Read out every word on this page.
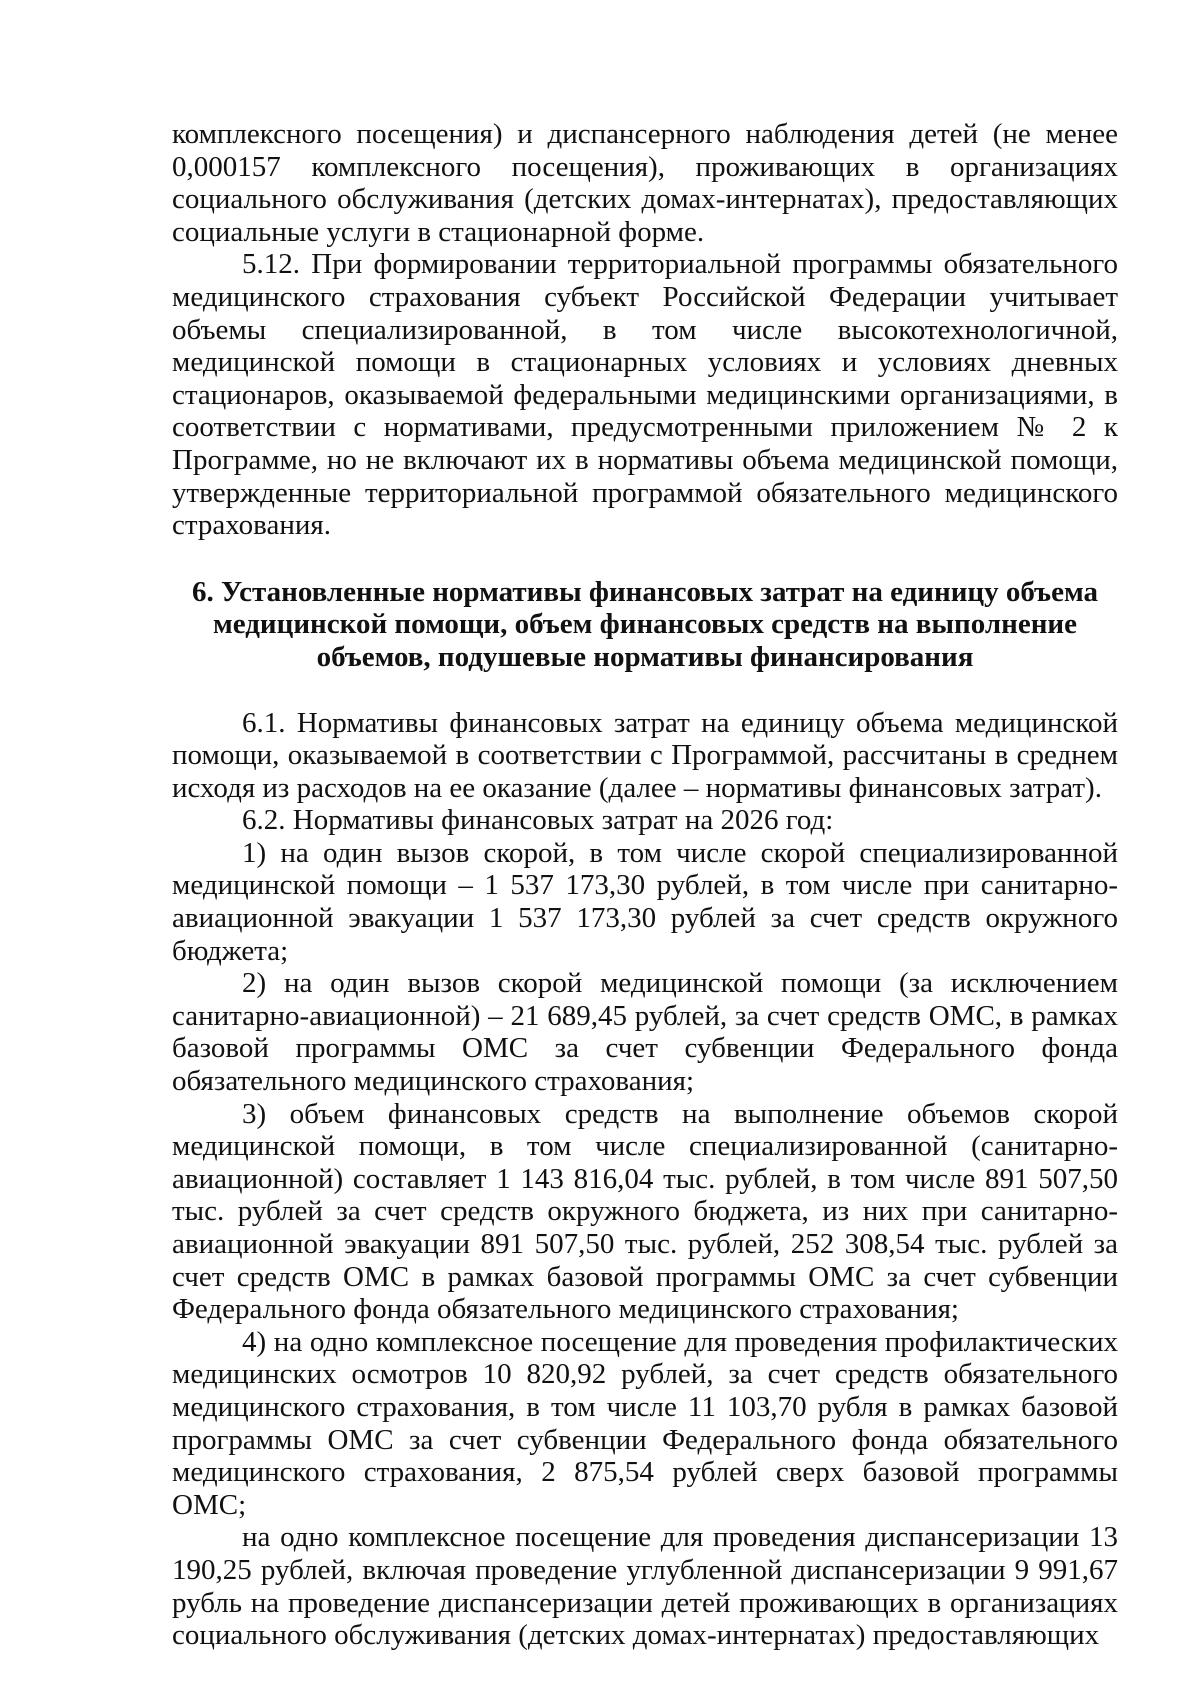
комплексного посещения) и диспансерного наблюдения детей (не менее 0,000157 комплексного посещения), проживающих в организациях социального обслуживания (детских домах-интернатах), предоставляющих социальные услуги в стационарной форме.

5.12. При формировании территориальной программы обязательного медицинского страхования субъект Российской Федерации учитывает объемы специализированной, в том числе высокотехнологичной, медицинской помощи в стационарных условиях и условиях дневных стационаров, оказываемой федеральными медицинскими организациями, в соответствии с нормативами, предусмотренными приложением № 2 к Программе, но не включают их в нормативы объема медицинской помощи, утвержденные территориальной программой обязательного медицинского страхования.

6. Установленные нормативы финансовых затрат на единицу объема медицинской помощи, объем финансовых средств на выполнение объемов, подушевые нормативы финансирования

6.1. Нормативы финансовых затрат на единицу объема медицинской помощи, оказываемой в соответствии с Программой, рассчитаны в среднем исходя из расходов на ее оказание (далее – нормативы финансовых затрат).

6.2. Нормативы финансовых затрат на 2026 год:

1) на один вызов скорой, в том числе скорой специализированной медицинской помощи – 1 537 173,30 рублей, в том числе при санитарно-авиационной эвакуации 1 537 173,30 рублей за счет средств окружного бюджета;

2) на один вызов скорой медицинской помощи (за исключением санитарно-авиационной) – 21 689,45 рублей, за счет средств ОМС, в рамках базовой программы ОМС за счет субвенции Федерального фонда обязательного медицинского страхования;

3) объем финансовых средств на выполнение объемов скорой медицинской помощи, в том числе специализированной (санитарно-авиационной) составляет 1 143 816,04 тыс. рублей, в том числе 891 507,50 тыс. рублей за счет средств окружного бюджета, из них при санитарно-авиационной эвакуации 891 507,50 тыс. рублей, 252 308,54 тыс. рублей за счет средств ОМС в рамках базовой программы ОМС за счет субвенции Федерального фонда обязательного медицинского страхования;

4) на одно комплексное посещение для проведения профилактических медицинских осмотров 10 820,92 рублей, за счет средств обязательного медицинского страхования, в том числе 11 103,70 рубля в рамках базовой программы ОМС за счет субвенции Федерального фонда обязательного медицинского страхования, 2 875,54 рублей сверх базовой программы ОМС;

на одно комплексное посещение для проведения диспансеризации 13 190,25 рублей, включая проведение углубленной диспансеризации 9 991,67 рубль на проведение диспансеризации детей проживающих в организациях социального обслуживания (детских домах-интернатах) предоставляющих
